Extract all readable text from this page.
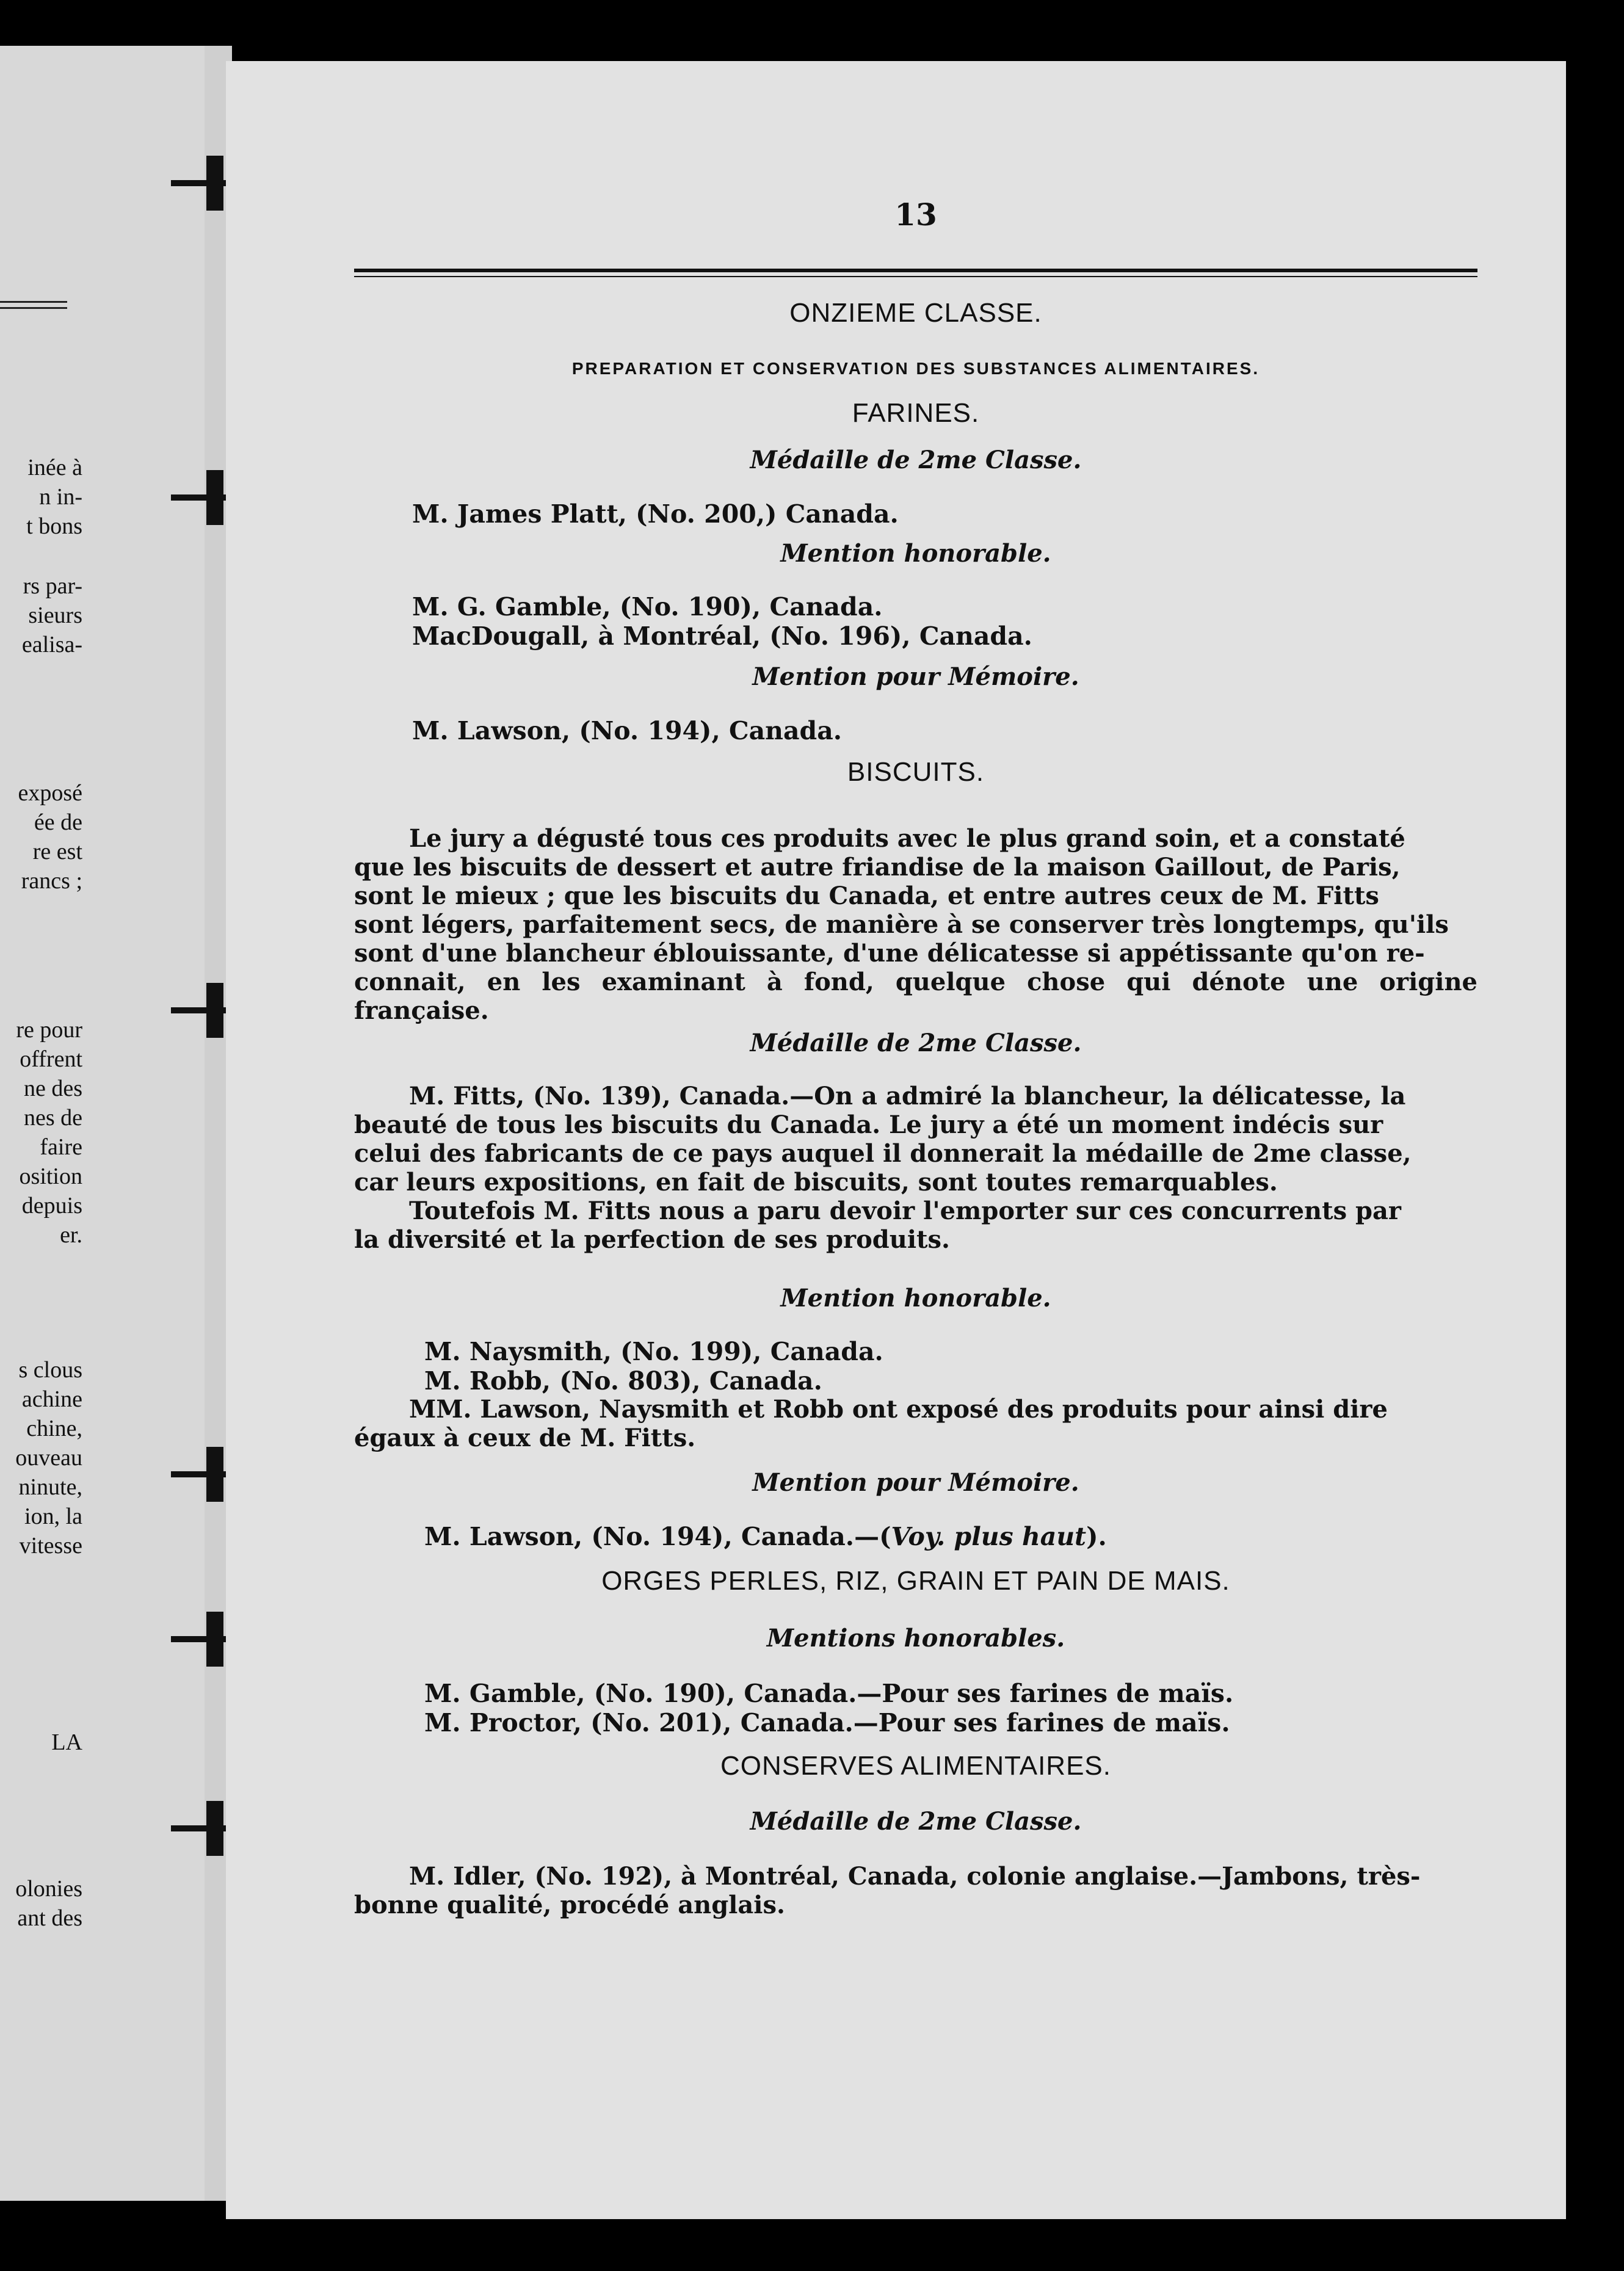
inée à
n in-
t bons
rs par-
sieurs
ealisa-
exposé
ée de
re est
rancs ;
re pour
offrent
ne des
nes de
faire
osition
depuis
er.
s clous
achine
chine,
ouveau
ninute,
ion, la
vitesse
LA
olonies
ant des
13
ONZIEME CLASSE.
PREPARATION ET CONSERVATION DES SUBSTANCES ALIMENTAIRES.
FARINES.
Médaille de 2me Classe.
M. James Platt, (No. 200,) Canada.
Mention honorable.
M. G. Gamble, (No. 190), Canada.
MacDougall, à Montréal, (No. 196), Canada.
Mention pour Mémoire.
M. Lawson, (No. 194), Canada.
BISCUITS.
Le jury a dégusté tous ces produits avec le plus grand soin, et a constaté
que les biscuits de dessert et autre friandise de la maison Gaillout, de Paris,
sont le mieux ; que les biscuits du Canada, et entre autres ceux de M. Fitts
sont légers, parfaitement secs, de manière à se conserver très longtemps, qu'ils
sont d'une blancheur éblouissante, d'une délicatesse si appétissante qu'on re-
connait, en les examinant à fond, quelque chose qui dénote une origine française.
Médaille de 2me Classe.
M. Fitts, (No. 139), Canada.—On a admiré la blancheur, la délicatesse, la
beauté de tous les biscuits du Canada. Le jury a été un moment indécis sur
celui des fabricants de ce pays auquel il donnerait la médaille de 2me classe,
car leurs expositions, en fait de biscuits, sont toutes remarquables.
Toutefois M. Fitts nous a paru devoir l'emporter sur ces concurrents par
la diversité et la perfection de ses produits.
Mention honorable.
M. Naysmith, (No. 199), Canada.
M. Robb, (No. 803), Canada.
MM. Lawson, Naysmith et Robb ont exposé des produits pour ainsi dire
égaux à ceux de M. Fitts.
Mention pour Mémoire.
M. Lawson, (No. 194), Canada.—(Voy. plus haut).
ORGES PERLES, RIZ, GRAIN ET PAIN DE MAIS.
Mentions honorables.
M. Gamble, (No. 190), Canada.—Pour ses farines de maïs.
M. Proctor, (No. 201), Canada.—Pour ses farines de maïs.
CONSERVES ALIMENTAIRES.
Médaille de 2me Classe.
M. Idler, (No. 192), à Montréal, Canada, colonie anglaise.—Jambons, très-
bonne qualité, procédé anglais.
